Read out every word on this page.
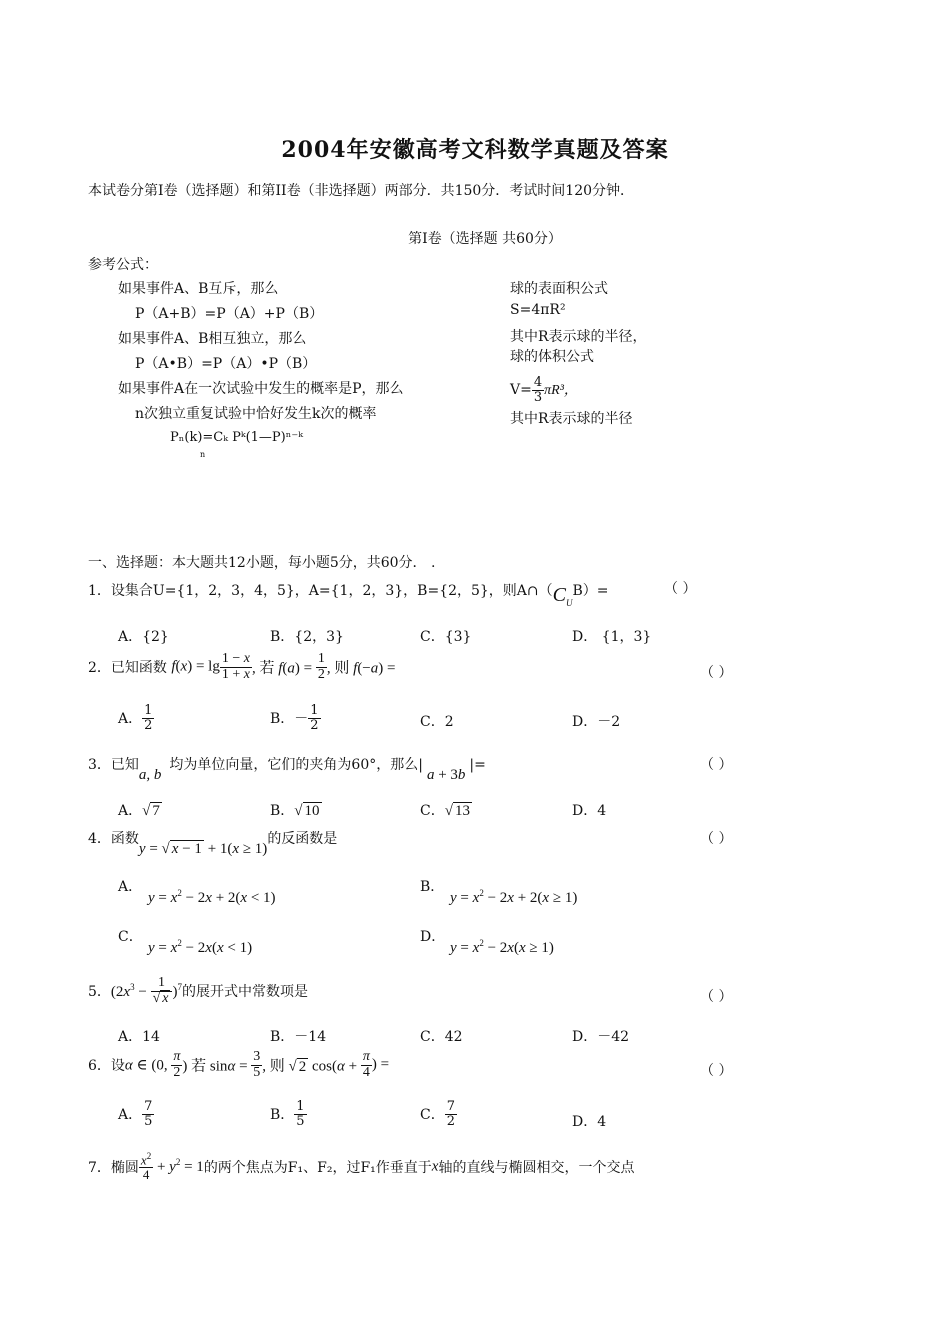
2004年安徽高考文科数学真题及答案
本试卷分第Ⅰ卷（选择题）和第II卷（非选择题）两部分．共150分．考试时间120分钟．
第Ⅰ卷（选择题 共60分）
参考公式：
如果事件A、B互斥，那么
P（A+B）=P（A）+P（B）
如果事件A、B相互独立，那么
P（A•B）=P（A）•P（B）
如果事件A在一次试验中发生的概率是P，那么
n次独立重复试验中恰好发生k次的概率
Pₙ(k)=Cₖ Pᵏ(1—P)ⁿ⁻ᵏ
n
球的表面积公式
S=4πR²
其中R表示球的半径，
球的体积公式
$V= \frac{4}{3} \pi R^3$，
其中R表示球的半径
一、选择题：本大题共12小题，每小题5分，共60分． .
1．设集合U={1，2，3，4，5}，A={1，2，3}，B={2，5}，则$A\cap(C_UB)=$	（ ）
A．{2}	B．{2，3}	C．{3}	D． {1，3}
2．已知函数 $f(x) = \lg \frac{1 - x}{1 + x}$ , 若 $f(a) = \frac{1}{2}$ , 则 f(−a) =	（ ）
A． $\frac{1}{2}$	B．－ $\frac{1}{2}$	C．2	D．－2
3．已知a, b均为单位向量，它们的夹角为60°，那么|a + 3b|=	（ ）
A．√ 7	B．√ 10	C．√ 13	D．4
4．函数y = √ x − 1 + 1(x ≥ 1)的反函数是	（ ）
A．
$y = x^2 - 2x + 2(x < 1)$
B．
$y = x^2 - 2x + 2(x \ge 1)$
C．
$y = x^2 - 2x(x < 1)$
D．
$y = x^2 - 2x(x \ge 1)$
5．$(2x^3 - \frac{1}{√ x} )^7$的展开式中常数项是	（ ）
A．14	B．－14	C．42	D．－42
6．设α ∈ (0, $\frac{\pi}{2}$ ) 若 $\sin\alpha = \frac{3}{5}$ , 则 √ 2 $\cos(\alpha + \frac{\pi}{4}$ ) =	（ ）
A． $\frac{7}{5}$	B． $\frac{1}{5}$	C． $\frac{7}{2}$	D．4
7．椭圆 $\frac{x^2}{4} + y^2 = 1$的两个焦点为F₁、F₂，过F₁作垂直于x轴的直线与椭圆相交，一个交点
